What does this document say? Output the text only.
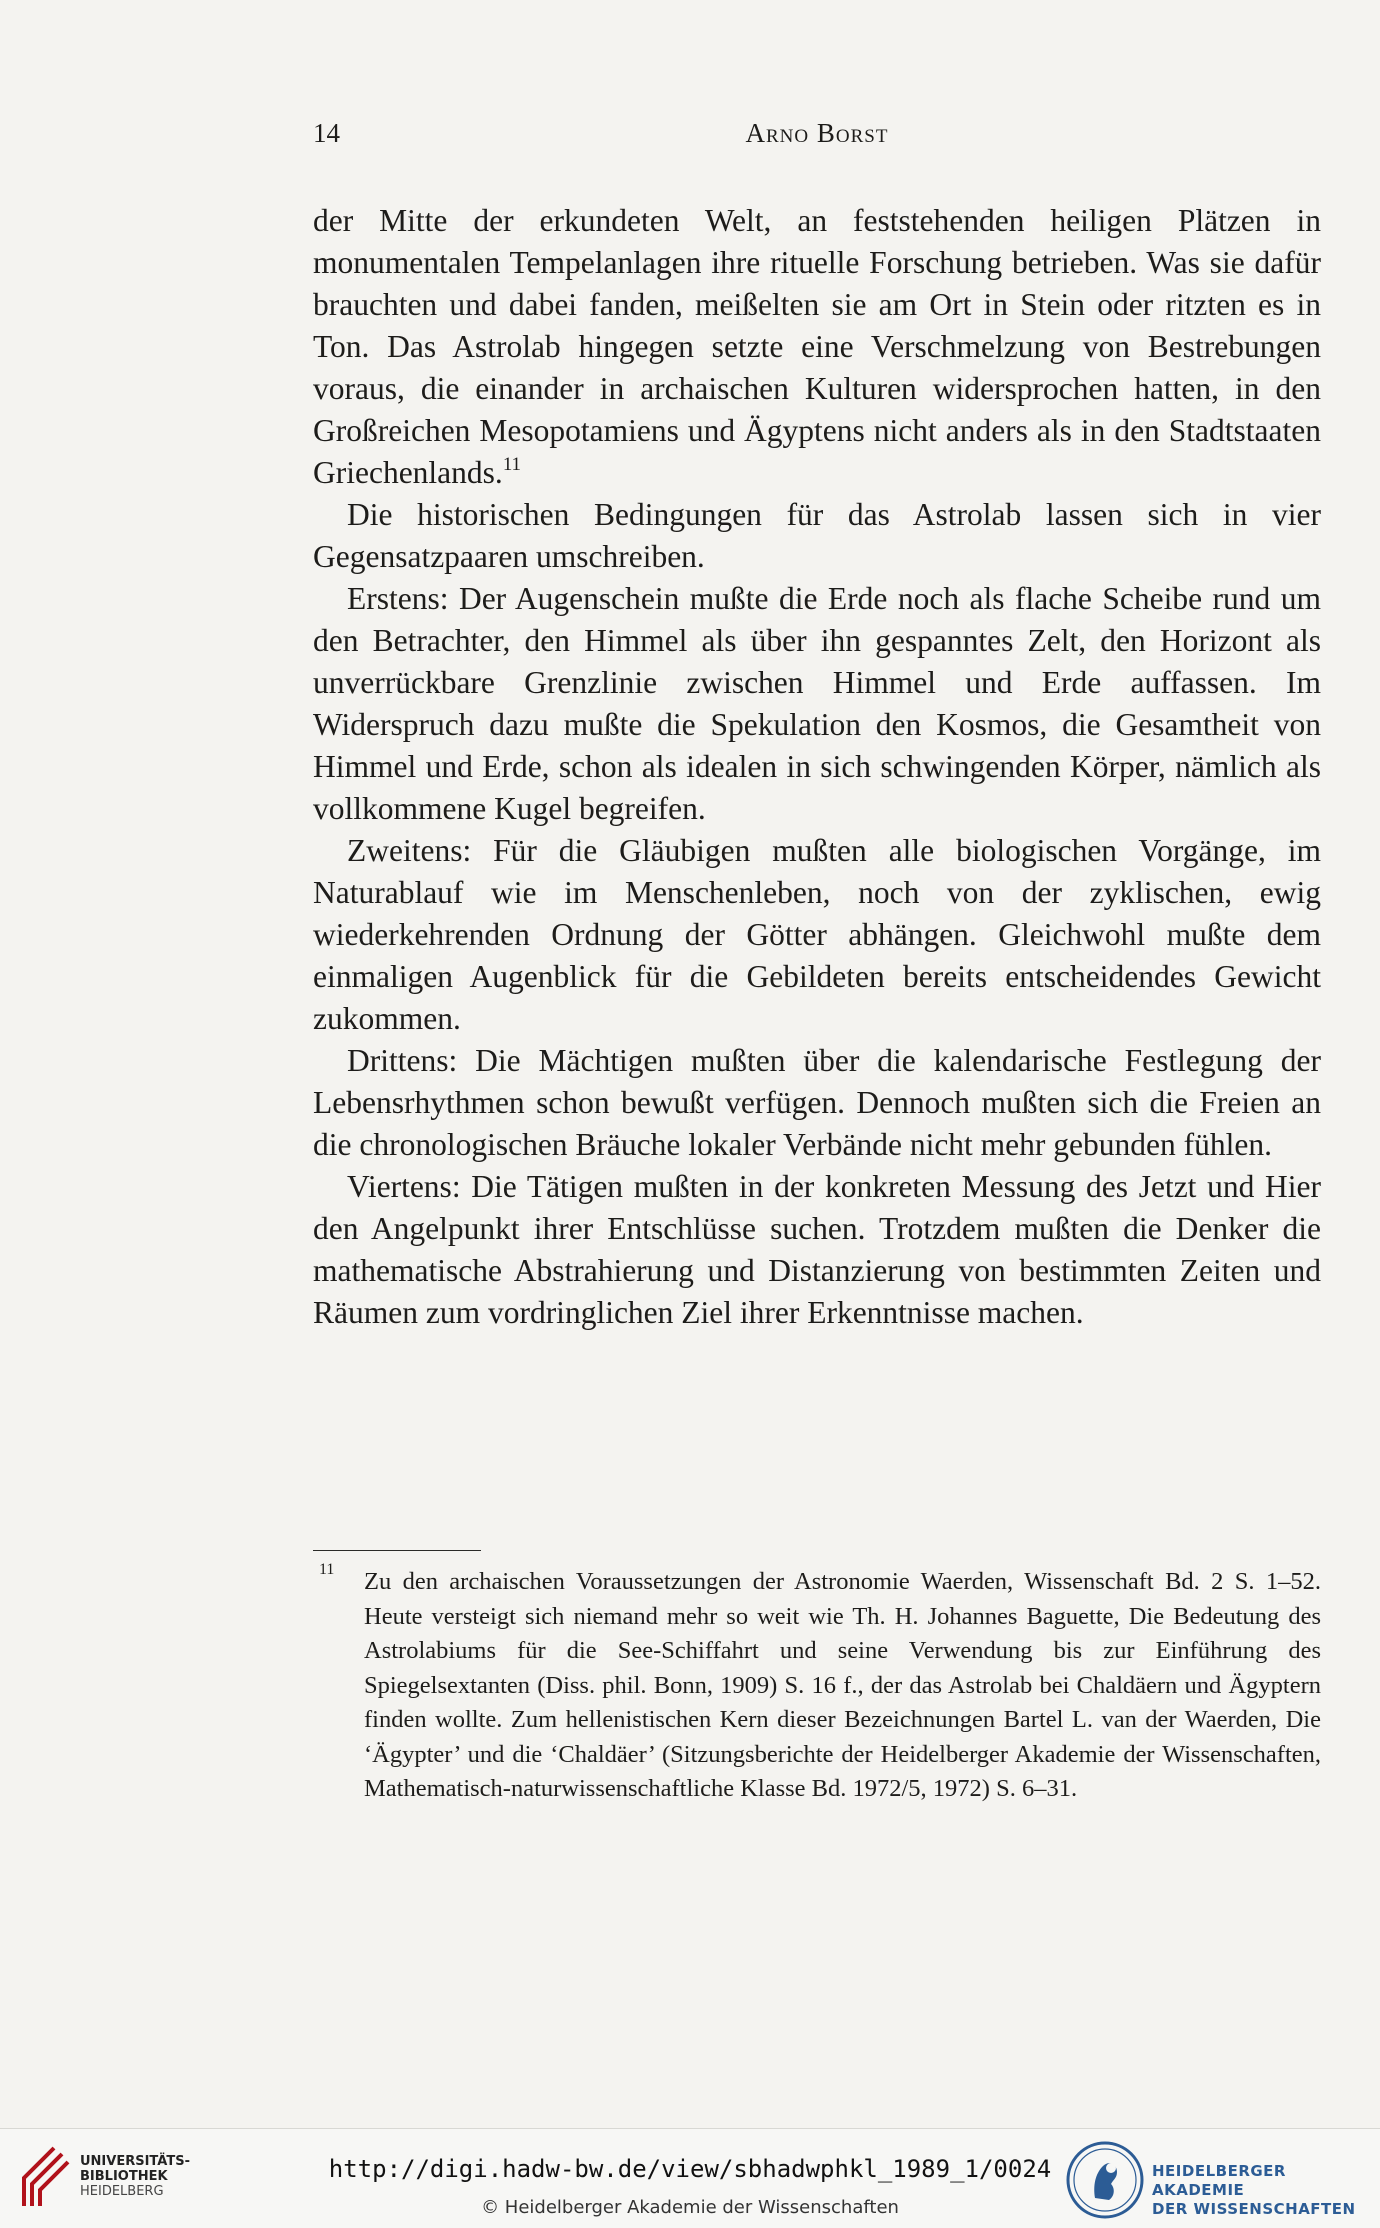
14	Arno Borst

der Mitte der erkundeten Welt, an feststehenden heiligen Plätzen in monumentalen Tempelanlagen ihre rituelle Forschung betrieben. Was sie dafür brauchten und dabei fanden, meißelten sie am Ort in Stein oder ritzten es in Ton. Das Astrolab hingegen setzte eine Verschmelzung von Bestrebungen voraus, die einander in archaischen Kulturen widersprochen hatten, in den Großreichen Mesopotamiens und Ägyptens nicht anders als in den Stadtstaaten Griechenlands.$^{11}$

Die historischen Bedingungen für das Astrolab lassen sich in vier Gegensatzpaaren umschreiben.

Erstens: Der Augenschein mußte die Erde noch als flache Scheibe rund um den Betrachter, den Himmel als über ihn gespanntes Zelt, den Horizont als unverrückbare Grenzlinie zwischen Himmel und Erde auffassen. Im Widerspruch dazu mußte die Spekulation den Kosmos, die Gesamtheit von Himmel und Erde, schon als idealen in sich schwingenden Körper, nämlich als vollkommene Kugel begreifen.

Zweitens: Für die Gläubigen mußten alle biologischen Vorgänge, im Naturablauf wie im Menschenleben, noch von der zyklischen, ewig wiederkehrenden Ordnung der Götter abhängen. Gleichwohl mußte dem einmaligen Augenblick für die Gebildeten bereits entscheidendes Gewicht zukommen.

Drittens: Die Mächtigen mußten über die kalendarische Festlegung der Lebensrhythmen schon bewußt verfügen. Dennoch mußten sich die Freien an die chronologischen Bräuche lokaler Verbände nicht mehr gebunden fühlen.

Viertens: Die Tätigen mußten in der konkreten Messung des Jetzt und Hier den Angelpunkt ihrer Entschlüsse suchen. Trotzdem mußten die Denker die mathematische Abstrahierung und Distanzierung von bestimmten Zeiten und Räumen zum vordringlichen Ziel ihrer Erkenntnisse machen.

11 Zu den archaischen Voraussetzungen der Astronomie Waerden, Wissenschaft Bd. 2 S. 1–52. Heute versteigt sich niemand mehr so weit wie Th. H. Johannes Baguette, Die Bedeutung des Astrolabiums für die See-Schiffahrt und seine Verwendung bis zur Einführung des Spiegelsextanten (Diss. phil. Bonn, 1909) S. 16 f., der das Astrolab bei Chaldäern und Ägyptern finden wollte. Zum hellenistischen Kern dieser Bezeichnungen Bartel L. van der Waerden, Die ‘Ägypter’ und die ‘Chaldäer’ (Sitzungsberichte der Heidelberger Akademie der Wissenschaften, Mathematisch-naturwissenschaftliche Klasse Bd. 1972/5, 1972) S. 6–31.
UNIVERSITÄTS-
BIBLIOTHEK
HEIDELBERG
http://digi.hadw-bw.de/view/sbhadwphkl_1989_1/0024
© Heidelberger Akademie der Wissenschaften
HEIDELBERGER AKADEMIE
DER WISSENSCHAFTEN
